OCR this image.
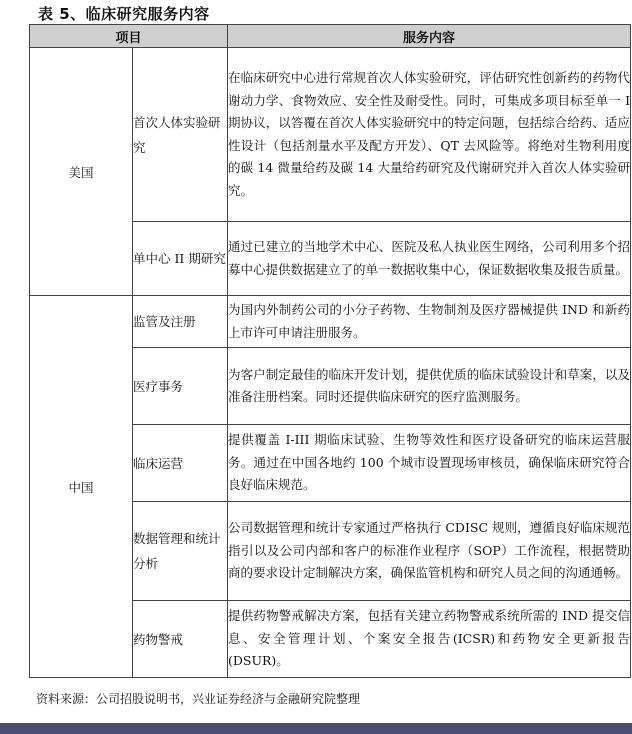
表 5、临床研究服务内容
项目		服务内容
美国	首次人体实验研究	在临床研究中心进行常规首次人体实验研究，评估研究性创新药的药物代谢动力学、食物效应、安全性及耐受性。同时，可集成多项目标至单一 I 期协议，以答覆在首次人体实验研究中的特定问题，包括综合给药、适应性设计（包括剂量水平及配方开发）、QT 去风险等。将绝对生物利用度的碳 14 微量给药及碳 14 大量给药研究及代谢研究并入首次人体实验研究。
	单中心 II 期研究	通过已建立的当地学术中心、医院及私人执业医生网络，公司利用多个招募中心提供数据建立了的单一数据收集中心，保证数据收集及报告质量。
中国	监管及注册	为国内外制药公司的小分子药物、生物制剂及医疗器械提供 IND 和新药上市许可申请注册服务。
	医疗事务	为客户制定最佳的临床开发计划，提供优质的临床试验设计和草案，以及准备注册档案。同时还提供临床研究的医疗监测服务。
	临床运营	提供覆盖 I-III 期临床试验、生物等效性和医疗设备研究的临床运营服务。通过在中国各地约 100 个城市设置现场审核员，确保临床研究符合良好临床规范。
	数据管理和统计分析	公司数据管理和统计专家通过严格执行 CDISC 规则，遵循良好临床规范指引以及公司内部和客户的标准作业程序（SOP）工作流程，根据赞助商的要求设计定制解决方案，确保监管机构和研究人员之间的沟通通畅。
	药物警戒	提供药物警戒解决方案，包括有关建立药物警戒系统所需的 IND 提交信息、安全管理计划、个案安全报告(ICSR)和药物安全更新报告(DSUR)。
资料来源：公司招股说明书，兴业证券经济与金融研究院整理
